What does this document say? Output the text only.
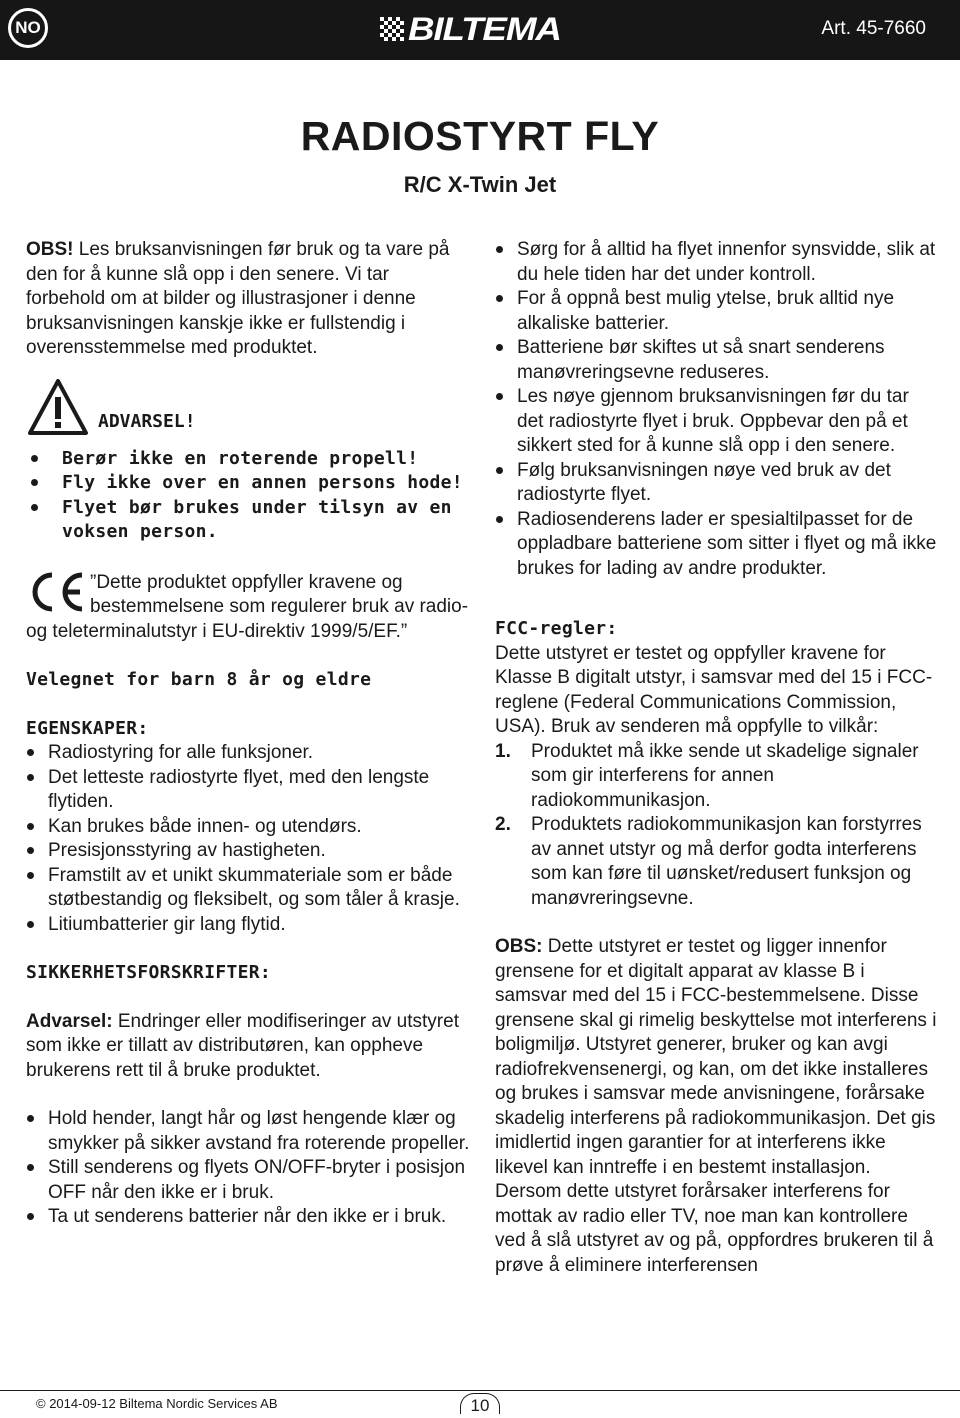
NO	BILTEMA	Art. 45-7660
RADIOSTYRT FLY
R/C X-Twin Jet

OBS! Les bruksanvisningen før bruk og ta vare på den for å kunne slå opp i den senere. Vi tar forbehold om at bilder og illustrasjoner i denne bruksanvisningen kanskje ikke er fullstendig i overensstemmelse med produktet.

ADVARSEL!
Berør ikke en roterende propell!
Fly ikke over en annen persons hode!
Flyet bør brukes under tilsyn av en voksen person.

”Dette produktet oppfyller kravene og bestemmelsene som regulerer bruk av radio- og teleterminalutstyr i EU-direktiv 1999/5/EF.”

Velegnet for barn 8 år og eldre

EGENSKAPER:

Radiostyring for alle funksjoner.
Det letteste radiostyrte flyet, med den lengste flytiden.
Kan brukes både innen- og utendørs.
Presisjonsstyring av hastigheten.
Framstilt av et unikt skummateriale som er både støtbestandig og fleksibelt, og som tåler å krasje.
Litiumbatterier gir lang flytid.

SIKKERHETSFORSKRIFTER:

Advarsel: Endringer eller modifiseringer av utstyret som ikke er tillatt av distributøren, kan oppheve brukerens rett til å bruke produktet.

Hold hender, langt hår og løst hengende klær og smykker på sikker avstand fra roterende propeller.
Still senderens og flyets ON/OFF-bryter i posisjon OFF når den ikke er i bruk.
Ta ut senderens batterier når den ikke er i bruk.
Sørg for å alltid ha flyet innenfor synsvidde, slik at du hele tiden har det under kontroll.
For å oppnå best mulig ytelse, bruk alltid nye alkaliske batterier.
Batteriene bør skiftes ut så snart senderens manøvreringsevne reduseres.
Les nøye gjennom bruksanvisningen før du tar det radiostyrte flyet i bruk. Oppbevar den på et sikkert sted for å kunne slå opp i den senere.
Følg bruksanvisningen nøye ved bruk av det radiostyrte flyet.
Radiosenderens lader er spesialtilpasset for de oppladbare batteriene som sitter i flyet og må ikke brukes for lading av andre produkter.

FCC-regler:

Dette utstyret er testet og oppfyller kravene for Klasse B digitalt utstyr, i samsvar med del 15 i FCC-reglene (Federal Communications Commission, USA). Bruk av senderen må oppfylle to vilkår:

1. Produktet må ikke sende ut skadelige signaler som gir interferens for annen radiokommunikasjon.
2. Produktets radiokommunikasjon kan forstyrres av annet utstyr og må derfor godta interferens som kan føre til uønsket/redusert funksjon og manøvreringsevne.

OBS: Dette utstyret er testet og ligger innenfor grensene for et digitalt apparat av klasse B i samsvar med del 15 i FCC-bestemmelsene. Disse grensene skal gi rimelig beskyttelse mot interferens i boligmiljø. Utstyret generer, bruker og kan avgi radiofrekvensenergi, og kan, om det ikke installeres og brukes i samsvar mede anvisningene, forårsake skadelig interferens på radiokommunikasjon. Det gis imidlertid ingen garantier for at interferens ikke likevel kan inntreffe i en bestemt installasjon.

Dersom dette utstyret forårsaker interferens for mottak av radio eller TV, noe man kan kontrollere ved å slå utstyret av og på, oppfordres brukeren til å prøve å eliminere interferensen

© 2014-09-12 Biltema Nordic Services AB	10
